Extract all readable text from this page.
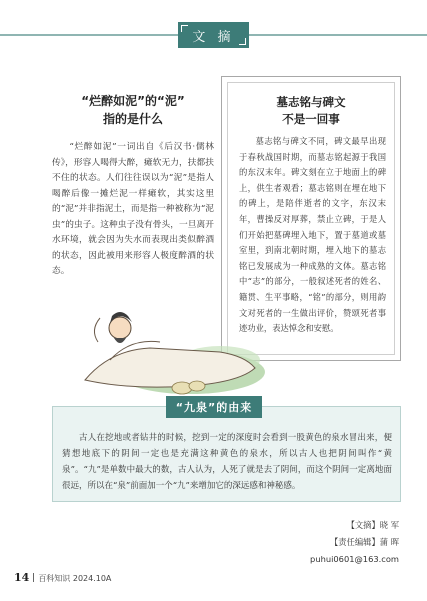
文 摘
“烂醉如泥”的“泥”
指的是什么
“烂醉如泥”一词出自《后汉书·儒林传》，形容人喝得大醉，瘫软无力，扶都扶不住的状态。人们往往误以为“泥”是指人喝醉后像一摊烂泥一样瘫软，其实这里的“泥”并非指泥土，而是指一种被称为“泥虫”的虫子。这种虫子没有骨头，一旦离开水环境，就会因为失水而表现出类似醉酒的状态，因此被用来形容人极度醉酒的状态。
墓志铭与碑文
不是一回事
墓志铭与碑文不同，碑文最早出现于春秋战国时期，而墓志铭起源于我国的东汉末年。碑文刻在立于地面上的碑上，供生者观看；墓志铭则在埋在地下的碑上，是陪伴逝者的文字，东汉末年，曹操反对厚葬，禁止立碑，于是人们开始把墓碑埋入地下，置于墓道或墓室里，到南北朝时期，埋入地下的墓志铭已发展成为一种成熟的文体。墓志铭中“志”的部分，一般叙述死者的姓名、籍贯、生平事略，“铭”的部分，则用韵文对死者的一生做出评价，赞颂死者事迹功业，表达悼念和安慰。
“九泉”的由来
古人在挖地或者钻井的时候，挖到一定的深度时会看到一股黄色的泉水冒出来，便猜想地底下的阴间一定也是充满这种黄色的泉水，所以古人也把阴间叫作“黄泉”。“九”是单数中最大的数，古人认为，人死了就是去了阴间，而这个阴间一定离地面很远，所以在“泉”前面加一个“九”来增加它的深远感和神秘感。
【文摘】晓 军
【责任编辑】蒲 晖
puhui0601@163.com
14 百科知识 2024.10A
